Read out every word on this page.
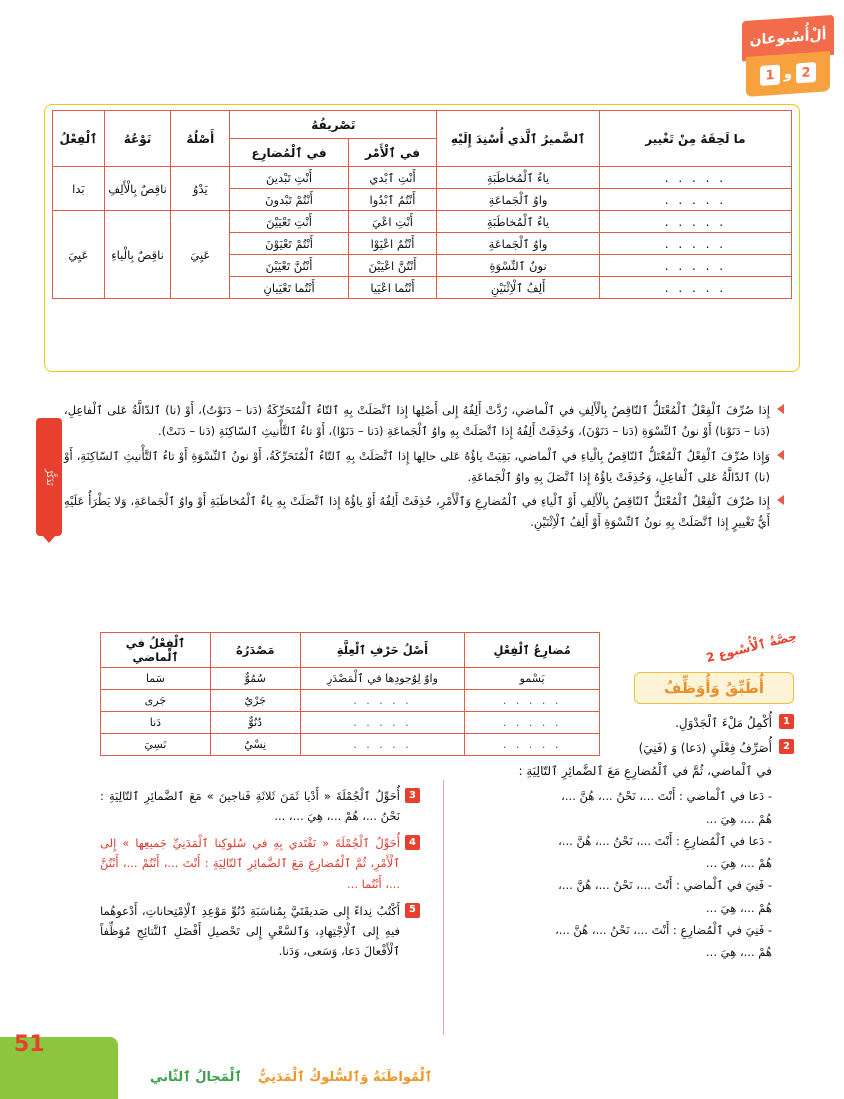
ألْ
أُسْبوعان
2
و
1
ما لَحِقَهُ مِنْ تَغْيير	ٱلضَّميرُ ٱلَّذي أُسْنِدَ إِلَيْهِ	تَصْريفُهُ		أَصْلُهُ	نَوْعُهُ	ٱلْفِعْلُ
		في ٱلْأَمْر	في ٱلْمُضارِع			
. . . . .	ياءُ ٱلْمُخاطَبَةِ	أَنْتِ ٱبْدي	أَنْتِ تَبْدينَ	يَدْوُ	ناقِصٌ بِالْأَلِفِ	بَدا
. . . . .	واوُ ٱلْجَماعَةِ	أَنْتُمُ ٱبْدُوا	أَنْتُمْ تَبْدونَ			
. . . . .	ياءُ ٱلْمُخاطَبَةِ	أَنْتِ اعْيَ	أَنْتِ تَعْيَيْنَ	عَيِيَ	ناقِصٌ بِالْياءِ	عَيِيَ
. . . . .	واوُ ٱلْجَماعَةِ	أَنْتُمُ اعْيَوْا	أَنْتُمْ تَعْيَوْنَ			
. . . . .	نونُ ٱلنِّسْوَةِ	أَنْتُنَّ اعْيَيْنَ	أَنْتُنَّ تَعْيَيْنَ			
. . . . .	أَلِفُ ٱلْاِثْنَيْنِ	أَنْتُما اعْيَيا	أَنْتُما تَعْيَيانِ			
تَذَكَّرْ
إِذا صُرِّفَ ٱلْفِعْلُ ٱلْمُعْتَلُّ ٱلنّاقِصُ بِالْأَلِفِ في ٱلْماضي، رُدَّتْ أَلِفُهُ إِلى أَصْلِها إِذا ٱتَّصَلَتْ بِهِ ٱلتّاءُ ٱلْمُتَحَرِّكَةُ (دَنا – دَنَوْتُ)، أَوْ (نا) ٱلدّالَّةُ عَلى ٱلْفاعِلِ، (دَنا – دَنَوْنا) أَوْ نونُ ٱلنِّسْوَةِ (دَنا – دَنَوْنَ)، وَحُذِفَتْ أَلِفُهُ إِذا ٱتَّصَلَتْ بِهِ واوُ ٱلْجَماعَةِ (دَنا – دَنَوْا)، أَوْ تاءُ ٱلتَّأْنيثِ ٱلسّاكِنَةِ (دَنا – دَنَتْ).
وَإِذا صُرِّفَ ٱلْفِعْلُ ٱلْمُعْتَلُّ ٱلنّاقِصُ بِالْياءِ في ٱلْماضي، بَقِيَتْ ياؤُهُ عَلى حالِها إِذا ٱتَّصَلَتْ بِهِ ٱلتّاءُ ٱلْمُتَحَرِّكَةُ، أَوْ نونُ ٱلنِّسْوَةِ أَوْ تاءُ ٱلتَّأْنيثِ ٱلسّاكِنَةِ، أَوْ (نا) ٱلدّالَّةُ عَلى ٱلْفاعِلِ، وَحُذِفَتْ ياؤُهُ إِذا ٱتَّصَلَ بِهِ واوُ ٱلْجَماعَةِ.
إِذا صُرِّفَ ٱلْفِعْلُ ٱلْمُعْتَلُّ ٱلنّاقِصُ بِالْأَلِفِ أَوْ ٱلْياءِ في ٱلْمُضارِعِ وَٱلْأَمْرِ، حُذِفَتْ أَلِفُهُ أَوْ ياؤُهُ إِذا ٱتَّصَلَتْ بِهِ ياءُ ٱلْمُخاطَبَةِ أَوْ واوُ ٱلْجَماعَةِ، وَلا يَطْرَأُ عَلَيْهِ أَيُّ تَغْييرٍ إِذا ٱتَّصَلَتْ بِهِ نونُ ٱلنِّسْوَةِ أَوْ أَلِفُ ٱلْاِثْنَيْنِ.
حِصَّةُ ٱلْأُسْبوع 2
أُطَبِّقُ وَأُوَظِّفُ
مُضارِعُ ٱلْفِعْلِ	أَصْلُ حَرْفِ ٱلْعِلَّةِ	مَصْدَرُهُ	ٱلْفِعْلُ في ٱلْماضي
يَسْمو	واوٌ لِوُجودِها في ٱلْمَصْدَرِ	سُمُوٌّ	سَما
. . . . .	. . . . .	جَرْيٌ	جَرى
. . . . .	. . . . .	دُنُوٌّ	دَنا
. . . . .	. . . . .	نِسْيٌ	نَسِيَ
1
أُكْمِلُ مَلْءَ ٱلْجَدْوَلِ.
2
أُصَرِّفُ فِعْلَيِ (دَعا) وَ (فَنِيَ)
في ٱلْماضي، ثُمَّ في ٱلْمُضارِعِ مَعَ ٱلضَّمائِرِ ٱلتّالِيَةِ :
- دَعا في ٱلْماضي : أَنْتَ ...، نَحْنُ ...، هُنَّ ...،
هُمْ ...، هِيَ ...
- دَعا في ٱلْمُضارِعِ : أَنْتَ ...، نَحْنُ ...، هُنَّ ...،
هُمْ ...، هِيَ ...
- فَنِيَ في ٱلْماضي : أَنْتَ ...، نَحْنُ ...، هُنَّ ...،
هُمْ ...، هِيَ ...
- فَنِيَ في ٱلْمُضارِعِ : أَنْتَ ...، نَحْنُ ...، هُنَّ ...،
هُمْ ...، هِيَ ...
3
أُحَوِّلُ ٱلْجُمْلَةَ « أَدْيا ثَمَنَ ثَلاثَةِ فَناجينَ » مَعَ ٱلضَّمائِرِ ٱلتّالِيَةِ : نَحْنُ ...، هُمْ ...، هِيَ ...، ...
4
أُحَوِّلُ ٱلْجُمْلَةَ « نَقْتَدي بِهِ في سُلوكِنا ٱلْمَدَنِيِّ جَميعِها » إِلى ٱلْأَمْرِ، ثُمَّ ٱلْمُضارِعِ مَعَ ٱلضَّمائِرِ ٱلتّالِيَةِ : أَنْتَ ...، أَنْتُمْ ...، أَنْتُنَّ ...، أَنْتُما ...
5
أَكْتُبُ نِداءً إِلى صَديقَتَيَّ بِمُناسَبَةِ دُنُوِّ مَوْعِدِ ٱلْاِمْتِحاناتِ، أَدْعوهُما فيهِ إِلى ٱلْاِجْتِهادِ، وَٱلسَّعْيِ إِلى تَحْصيلِ أَفْضَلِ ٱلنَّتائِجِ مُوَظِّفاً ٱلْأَفْعالَ دَعا، وَسَعى، وَدَنا.
51

ٱلْمَجالُ ٱلثّاني ٱلْمُواطَنَةُ وَٱلسُّلوكُ ٱلْمَدَنِيُّ
